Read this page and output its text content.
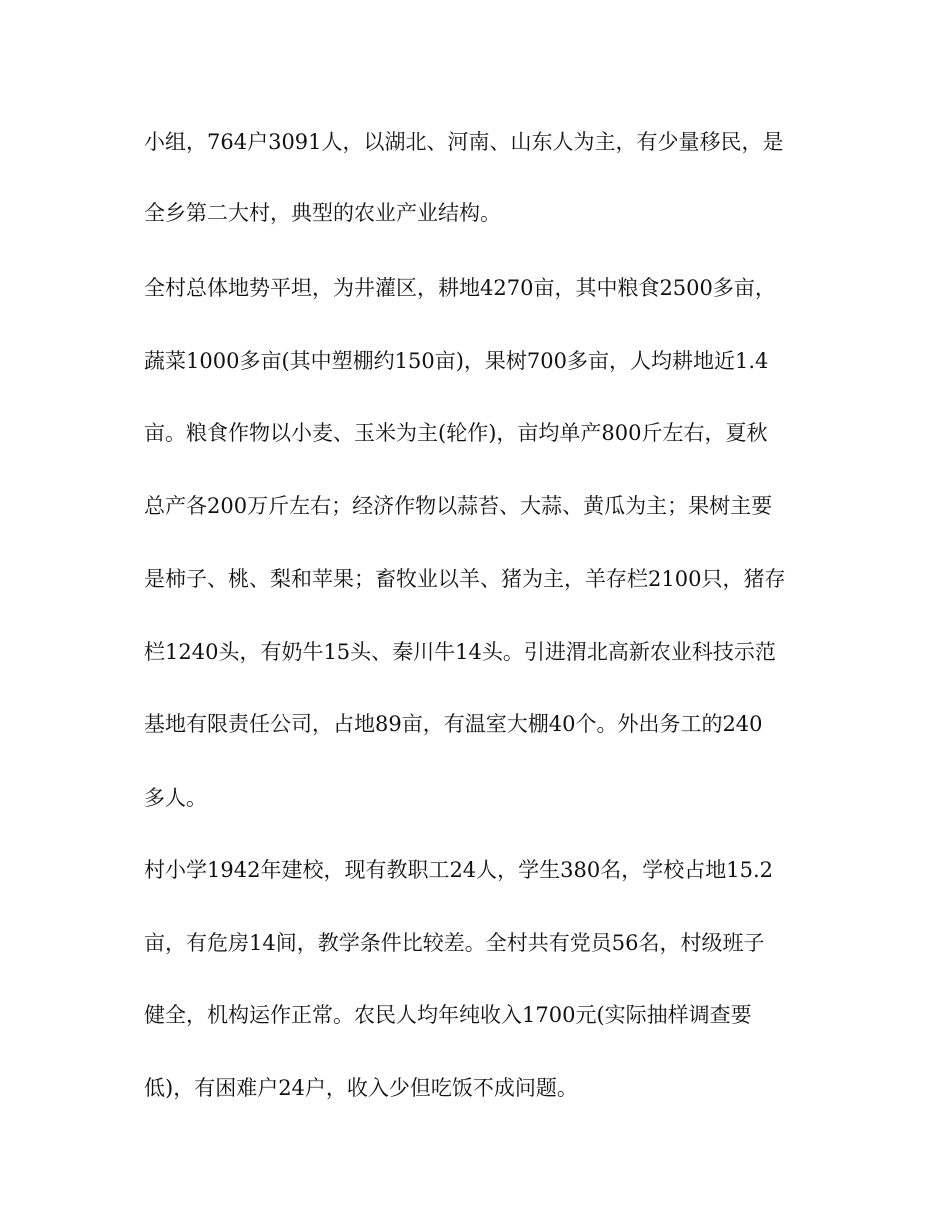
小组，764户3091人，以湖北、河南、山东人为主，有少量移民，是
全乡第二大村，典型的农业产业结构。
全村总体地势平坦，为井灌区，耕地4270亩，其中粮食2500多亩，
蔬菜1000多亩(其中塑棚约150亩)，果树700多亩，人均耕地近1.4
亩。粮食作物以小麦、玉米为主(轮作)，亩均单产800斤左右，夏秋
总产各200万斤左右；经济作物以蒜苔、大蒜、黄瓜为主；果树主要
是柿子、桃、梨和苹果；畜牧业以羊、猪为主，羊存栏2100只，猪存
栏1240头，有奶牛15头、秦川牛14头。引进渭北高新农业科技示范
基地有限责任公司，占地89亩，有温室大棚40个。外出务工的240
多人。
村小学1942年建校，现有教职工24人，学生380名，学校占地15.2
亩，有危房14间，教学条件比较差。全村共有党员56名，村级班子
健全，机构运作正常。农民人均年纯收入1700元(实际抽样调查要
低)，有困难户24户，收入少但吃饭不成问题。
